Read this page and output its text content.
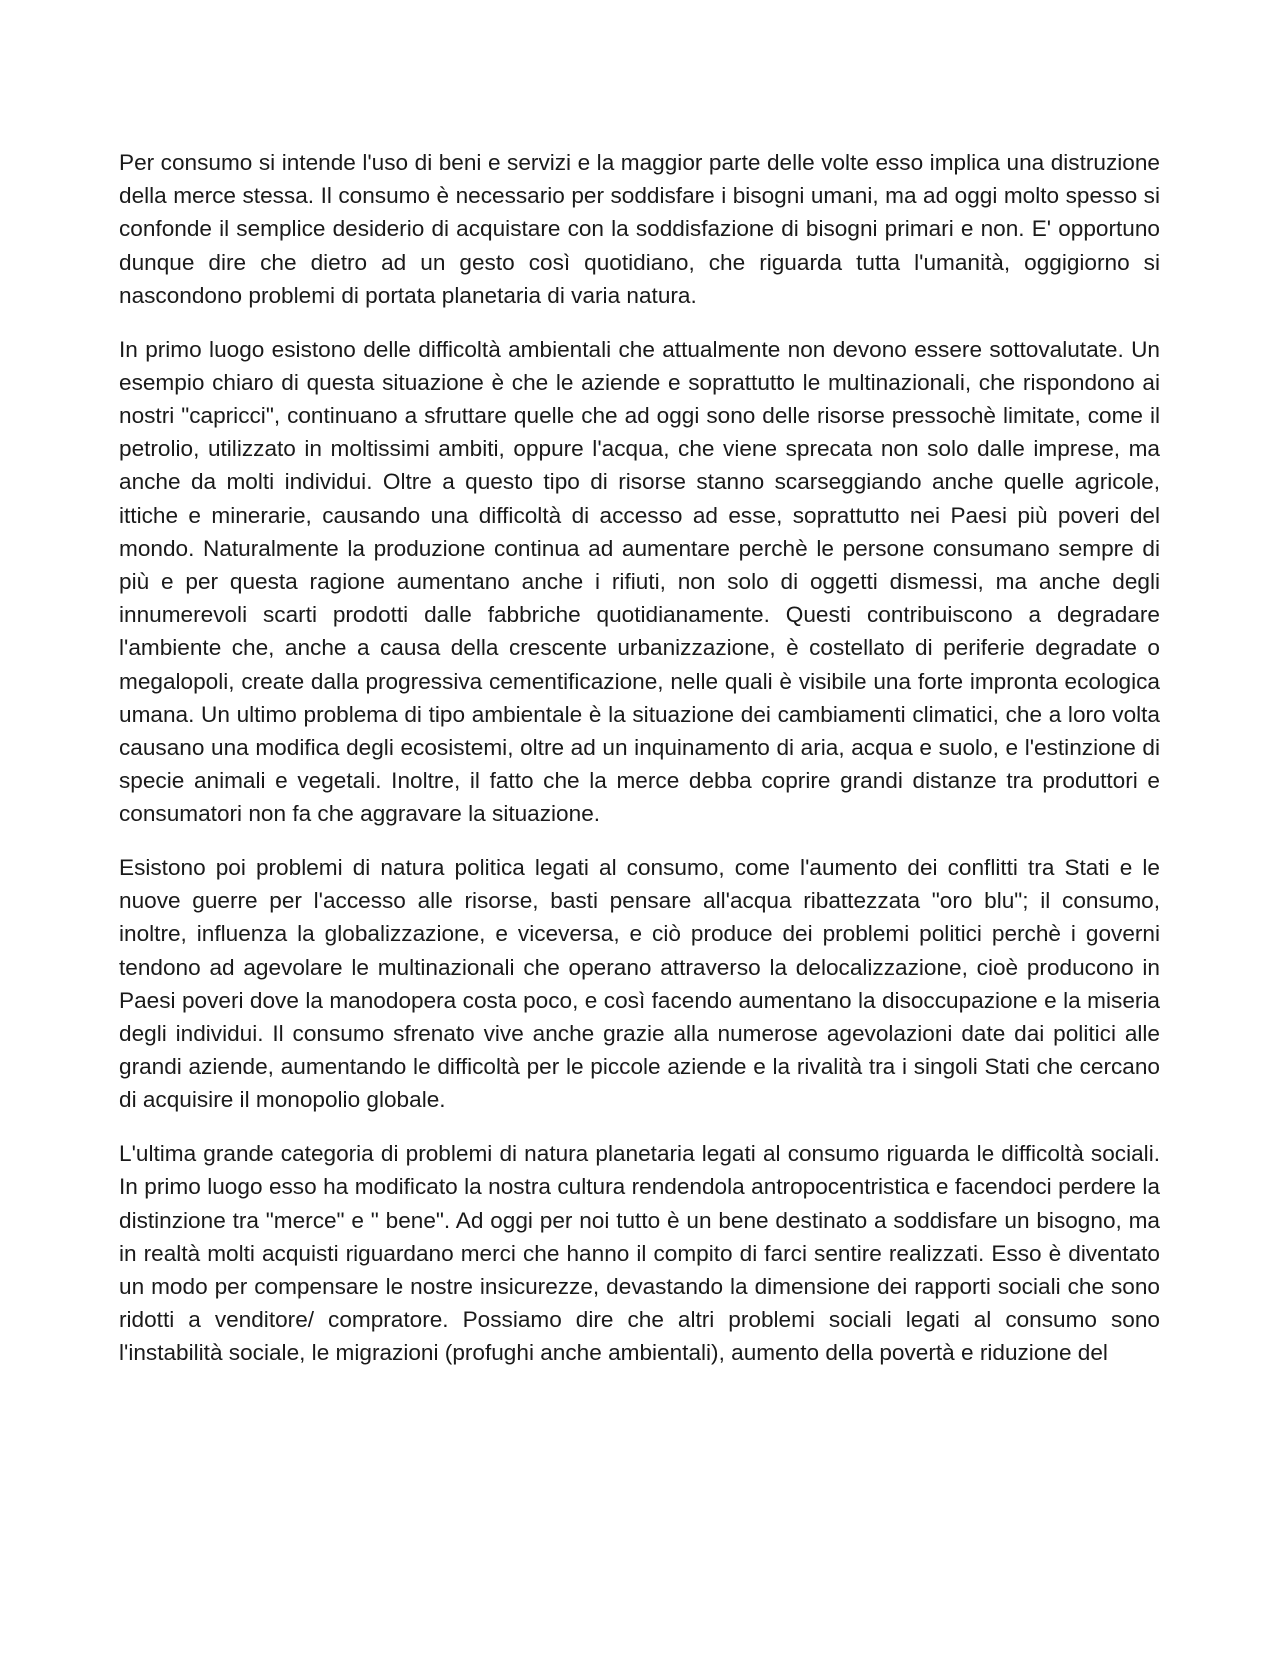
Per consumo si intende l'uso di beni e servizi e la maggior parte delle volte esso implica una distruzione della merce stessa. Il consumo è necessario per soddisfare i bisogni umani, ma ad oggi molto spesso si confonde il semplice desiderio di acquistare con la soddisfazione di bisogni primari e non. E' opportuno dunque dire che dietro ad un gesto così quotidiano, che riguarda tutta l'umanità, oggigiorno si nascondono problemi di portata planetaria di varia natura.

In primo luogo esistono delle difficoltà ambientali che attualmente non devono essere sottovalutate. Un esempio chiaro di questa situazione è che le aziende e soprattutto le multinazionali, che rispondono ai nostri "capricci", continuano a sfruttare quelle che ad oggi sono delle risorse pressochè limitate, come il petrolio, utilizzato in moltissimi ambiti, oppure l'acqua, che viene sprecata non solo dalle imprese, ma anche da molti individui. Oltre a questo tipo di risorse stanno scarseggiando anche quelle agricole, ittiche e minerarie, causando una difficoltà di accesso ad esse, soprattutto nei Paesi più poveri del mondo. Naturalmente la produzione continua ad aumentare perchè le persone consumano sempre di più e per questa ragione aumentano anche i rifiuti, non solo di oggetti dismessi, ma anche degli innumerevoli scarti prodotti dalle fabbriche quotidianamente. Questi contribuiscono a degradare l'ambiente che, anche a causa della crescente urbanizzazione, è costellato di periferie degradate o megalopoli, create dalla progressiva cementificazione, nelle quali è visibile una forte impronta ecologica umana. Un ultimo problema di tipo ambientale è la situazione dei cambiamenti climatici, che a loro volta causano una modifica degli ecosistemi, oltre ad un inquinamento di aria, acqua e suolo, e l'estinzione di specie animali e vegetali. Inoltre, il fatto che la merce debba coprire grandi distanze tra produttori e consumatori non fa che aggravare la situazione.

Esistono poi problemi di natura politica legati al consumo, come l'aumento dei conflitti tra Stati e le nuove guerre per l'accesso alle risorse, basti pensare all'acqua ribattezzata "oro blu"; il consumo, inoltre, influenza la globalizzazione, e viceversa, e ciò produce dei problemi politici perchè i governi tendono ad agevolare le multinazionali che operano attraverso la delocalizzazione, cioè producono in Paesi poveri dove la manodopera costa poco, e così facendo aumentano la disoccupazione e la miseria degli individui. Il consumo sfrenato vive anche grazie alla numerose agevolazioni date dai politici alle grandi aziende, aumentando le difficoltà per le piccole aziende e la rivalità tra i singoli Stati che cercano di acquisire il monopolio globale.

L'ultima grande categoria di problemi di natura planetaria legati al consumo riguarda le difficoltà sociali. In primo luogo esso ha modificato la nostra cultura rendendola antropocentristica e facendoci perdere la distinzione tra "merce" e " bene". Ad oggi per noi tutto è un bene destinato a soddisfare un bisogno, ma in realtà molti acquisti riguardano merci che hanno il compito di farci sentire realizzati. Esso è diventato un modo per compensare le nostre insicurezze, devastando la dimensione dei rapporti sociali che sono ridotti a venditore/ compratore. Possiamo dire che altri problemi sociali legati al consumo sono l'instabilità sociale, le migrazioni (profughi anche ambientali), aumento della povertà e riduzione del
